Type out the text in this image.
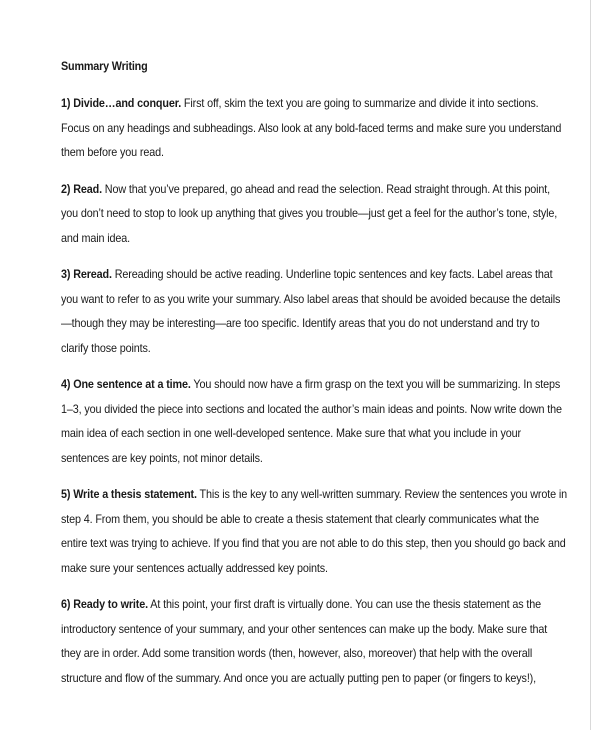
Summary Writing
1) Divide…and conquer. First off, skim the text you are going to summarize and divide it into sections.
Focus on any headings and subheadings. Also look at any bold-faced terms and make sure you understand
them before you read.
2) Read. Now that you’ve prepared, go ahead and read the selection. Read straight through. At this point,
you don’t need to stop to look up anything that gives you trouble—just get a feel for the author’s tone, style,
and main idea.
3) Reread. Rereading should be active reading. Underline topic sentences and key facts. Label areas that
you want to refer to as you write your summary. Also label areas that should be avoided because the details
—though they may be interesting—are too specific. Identify areas that you do not understand and try to
clarify those points.
4) One sentence at a time. You should now have a firm grasp on the text you will be summarizing. In steps
1–3, you divided the piece into sections and located the author’s main ideas and points. Now write down the
main idea of each section in one well-developed sentence. Make sure that what you include in your
sentences are key points, not minor details.
5) Write a thesis statement. This is the key to any well-written summary. Review the sentences you wrote in
step 4. From them, you should be able to create a thesis statement that clearly communicates what the
entire text was trying to achieve. If you find that you are not able to do this step, then you should go back and
make sure your sentences actually addressed key points.
6) Ready to write. At this point, your first draft is virtually done. You can use the thesis statement as the
introductory sentence of your summary, and your other sentences can make up the body. Make sure that
they are in order. Add some transition words (then, however, also, moreover) that help with the overall
structure and flow of the summary. And once you are actually putting pen to paper (or fingers to keys!),
